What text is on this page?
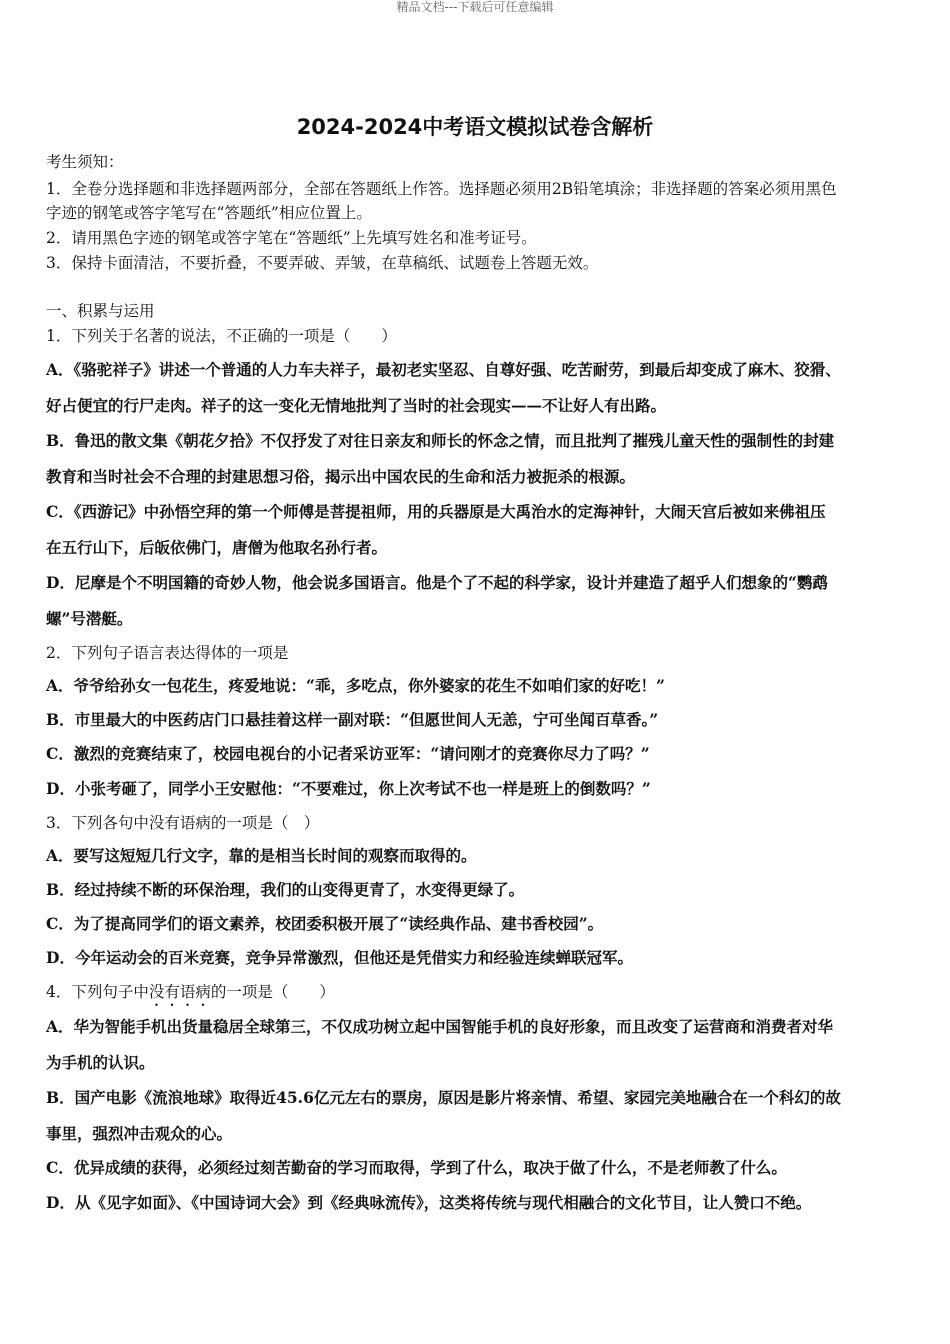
精品文档---下载后可任意编辑
2024-2024中考语文模拟试卷含解析
考生须知：
1．全卷分选择题和非选择题两部分，全部在答题纸上作答。选择题必须用2B铅笔填涂；非选择题的答案必须用黑色
字迹的钢笔或答字笔写在“答题纸”相应位置上。
2．请用黑色字迹的钢笔或答字笔在“答题纸”上先填写姓名和准考证号。
3．保持卡面清洁，不要折叠，不要弄破、弄皱，在草稿纸、试题卷上答题无效。
一、积累与运用
1．下列关于名著的说法，不正确的一项是（　　）
A．《骆驼祥子》讲述一个普通的人力车夫祥子，最初老实坚忍、自尊好强、吃苦耐劳，到最后却变成了麻木、狡猾、
好占便宜的行尸走肉。祥子的这一变化无情地批判了当时的社会现实——不让好人有出路。
B．鲁迅的散文集《朝花夕拾》不仅抒发了对往日亲友和师长的怀念之情，而且批判了摧残儿童天性的强制性的封建
教育和当时社会不合理的封建思想习俗，揭示出中国农民的生命和活力被扼杀的根源。
C．《西游记》中孙悟空拜的第一个师傅是菩提祖师，用的兵器原是大禹治水的定海神针，大闹天宫后被如来佛祖压
在五行山下，后皈依佛门，唐僧为他取名孙行者。
D．尼摩是个不明国籍的奇妙人物，他会说多国语言。他是个了不起的科学家，设计并建造了超乎人们想象的“鹦鹉
螺”号潜艇。
2．下列句子语言表达得体的一项是
A．爷爷给孙女一包花生，疼爱地说：“乖，多吃点，你外婆家的花生不如咱们家的好吃！”
B．市里最大的中医药店门口悬挂着这样一副对联：“但愿世间人无恙，宁可坐闻百草香。”
C．激烈的竞赛结束了，校园电视台的小记者采访亚军：“请问刚才的竞赛你尽力了吗？”
D．小张考砸了，同学小王安慰他：“不要难过，你上次考试不也一样是班上的倒数吗？”
3．下列各句中没有语病的一项是（　）
A．要写这短短几行文字，靠的是相当长时间的观察而取得的。
B．经过持续不断的环保治理，我们的山变得更青了，水变得更绿了。
C．为了提高同学们的语文素养，校团委积极开展了“读经典作品、建书香校园”。
D．今年运动会的百米竞赛，竞争异常激烈，但他还是凭借实力和经验连续蝉联冠军。
4．下列句子中没有语病的一项是（　　）
A．华为智能手机出货量稳居全球第三，不仅成功树立起中国智能手机的良好形象，而且改变了运营商和消费者对华
为手机的认识。
B．国产电影《流浪地球》取得近45.6亿元左右的票房，原因是影片将亲情、希望、家园完美地融合在一个科幻的故
事里，强烈冲击观众的心。
C．优异成绩的获得，必须经过刻苦勤奋的学习而取得，学到了什么，取决于做了什么，不是老师教了什么。
D．从《见字如面》、《中国诗词大会》到《经典咏流传》，这类将传统与现代相融合的文化节目，让人赞口不绝。
